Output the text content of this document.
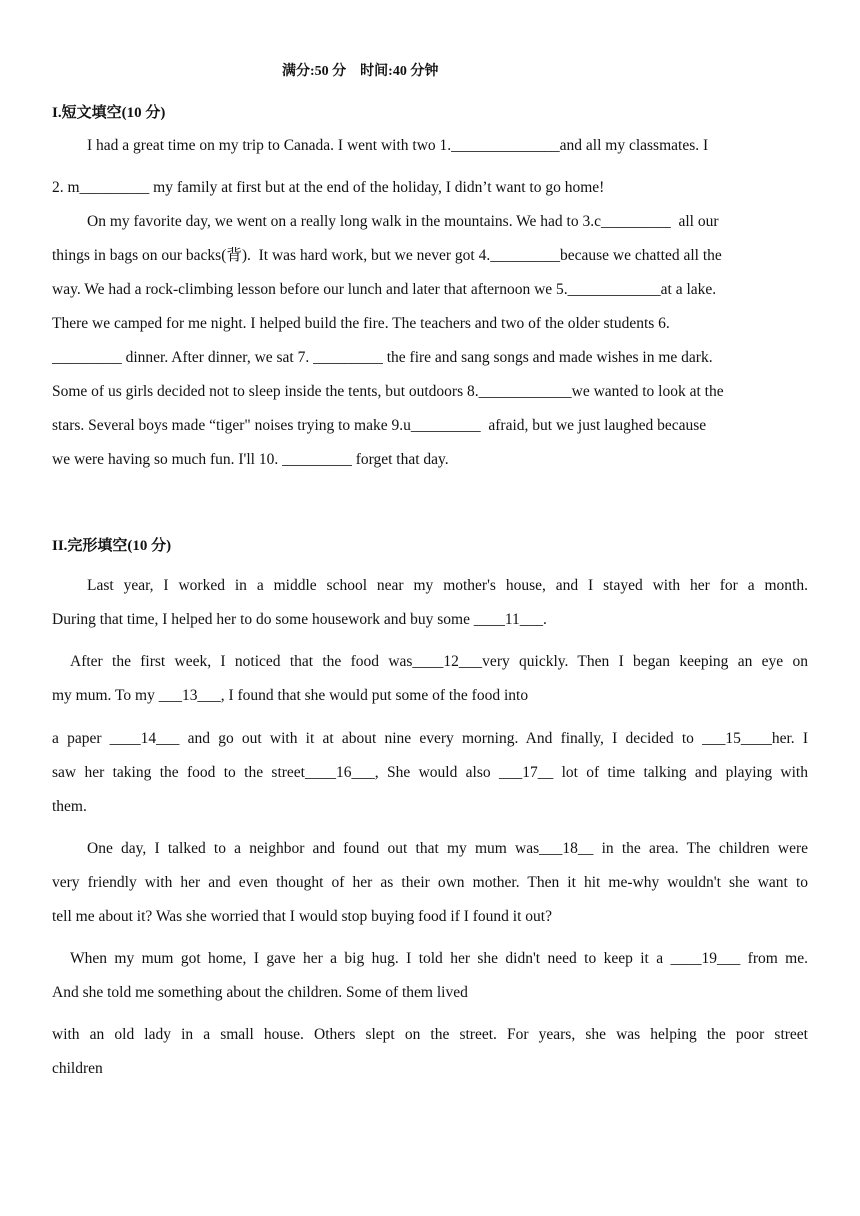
满分:50 分    时间:40 分钟
I.短文填空(10 分)
I had a great time on my trip to Canada. I went with two 1.______________and all my classmates. I
2. m_________ my family at first but at the end of the holiday, I didn’t want to go home!
On my favorite day, we went on a really long walk in the mountains. We had to 3.c_________  all our
things in bags on our backs(背).  It was hard work, but we never got 4._________because we chatted all the
way. We had a rock-climbing lesson before our lunch and later that afternoon we 5.____________at a lake.
There we camped for me night. I helped build the fire. The teachers and two of the older students 6.
_________ dinner. After dinner, we sat 7. _________ the fire and sang songs and made wishes in me dark.
Some of us girls decided not to sleep inside the tents, but outdoors 8.____________we wanted to look at the
stars. Several boys made “tiger" noises trying to make 9.u_________  afraid, but we just laughed because
we were having so much fun. I'll 10. _________ forget that day.
II.完形填空(10 分)
Last year, I worked in a middle school near my mother's house, and I stayed with her for a month.
During that time, I helped her to do some housework and buy some ____11___.
After the first week, I noticed that the food was____12___very quickly. Then I began keeping an eye on
my mum. To my ___13___, I found that she would put some of the food into
a paper ____14___ and go out with it at about nine every morning. And finally, I decided to ___15____her. I
saw her taking the food to the street____16___, She would also ___17__ lot of time talking and playing with
them.
One day, I talked to a neighbor and found out that my mum was___18__ in the area. The children were
very friendly with her and even thought of her as their own mother. Then it hit me-why wouldn't she want to
tell me about it? Was she worried that I would stop buying food if I found it out?
When my mum got home, I gave her a big hug. I told her she didn't need to keep it a ____19___ from me.
And she told me something about the children. Some of them lived
with an old lady in a small house. Others slept on the street. For years, she was helping the poor street
children
